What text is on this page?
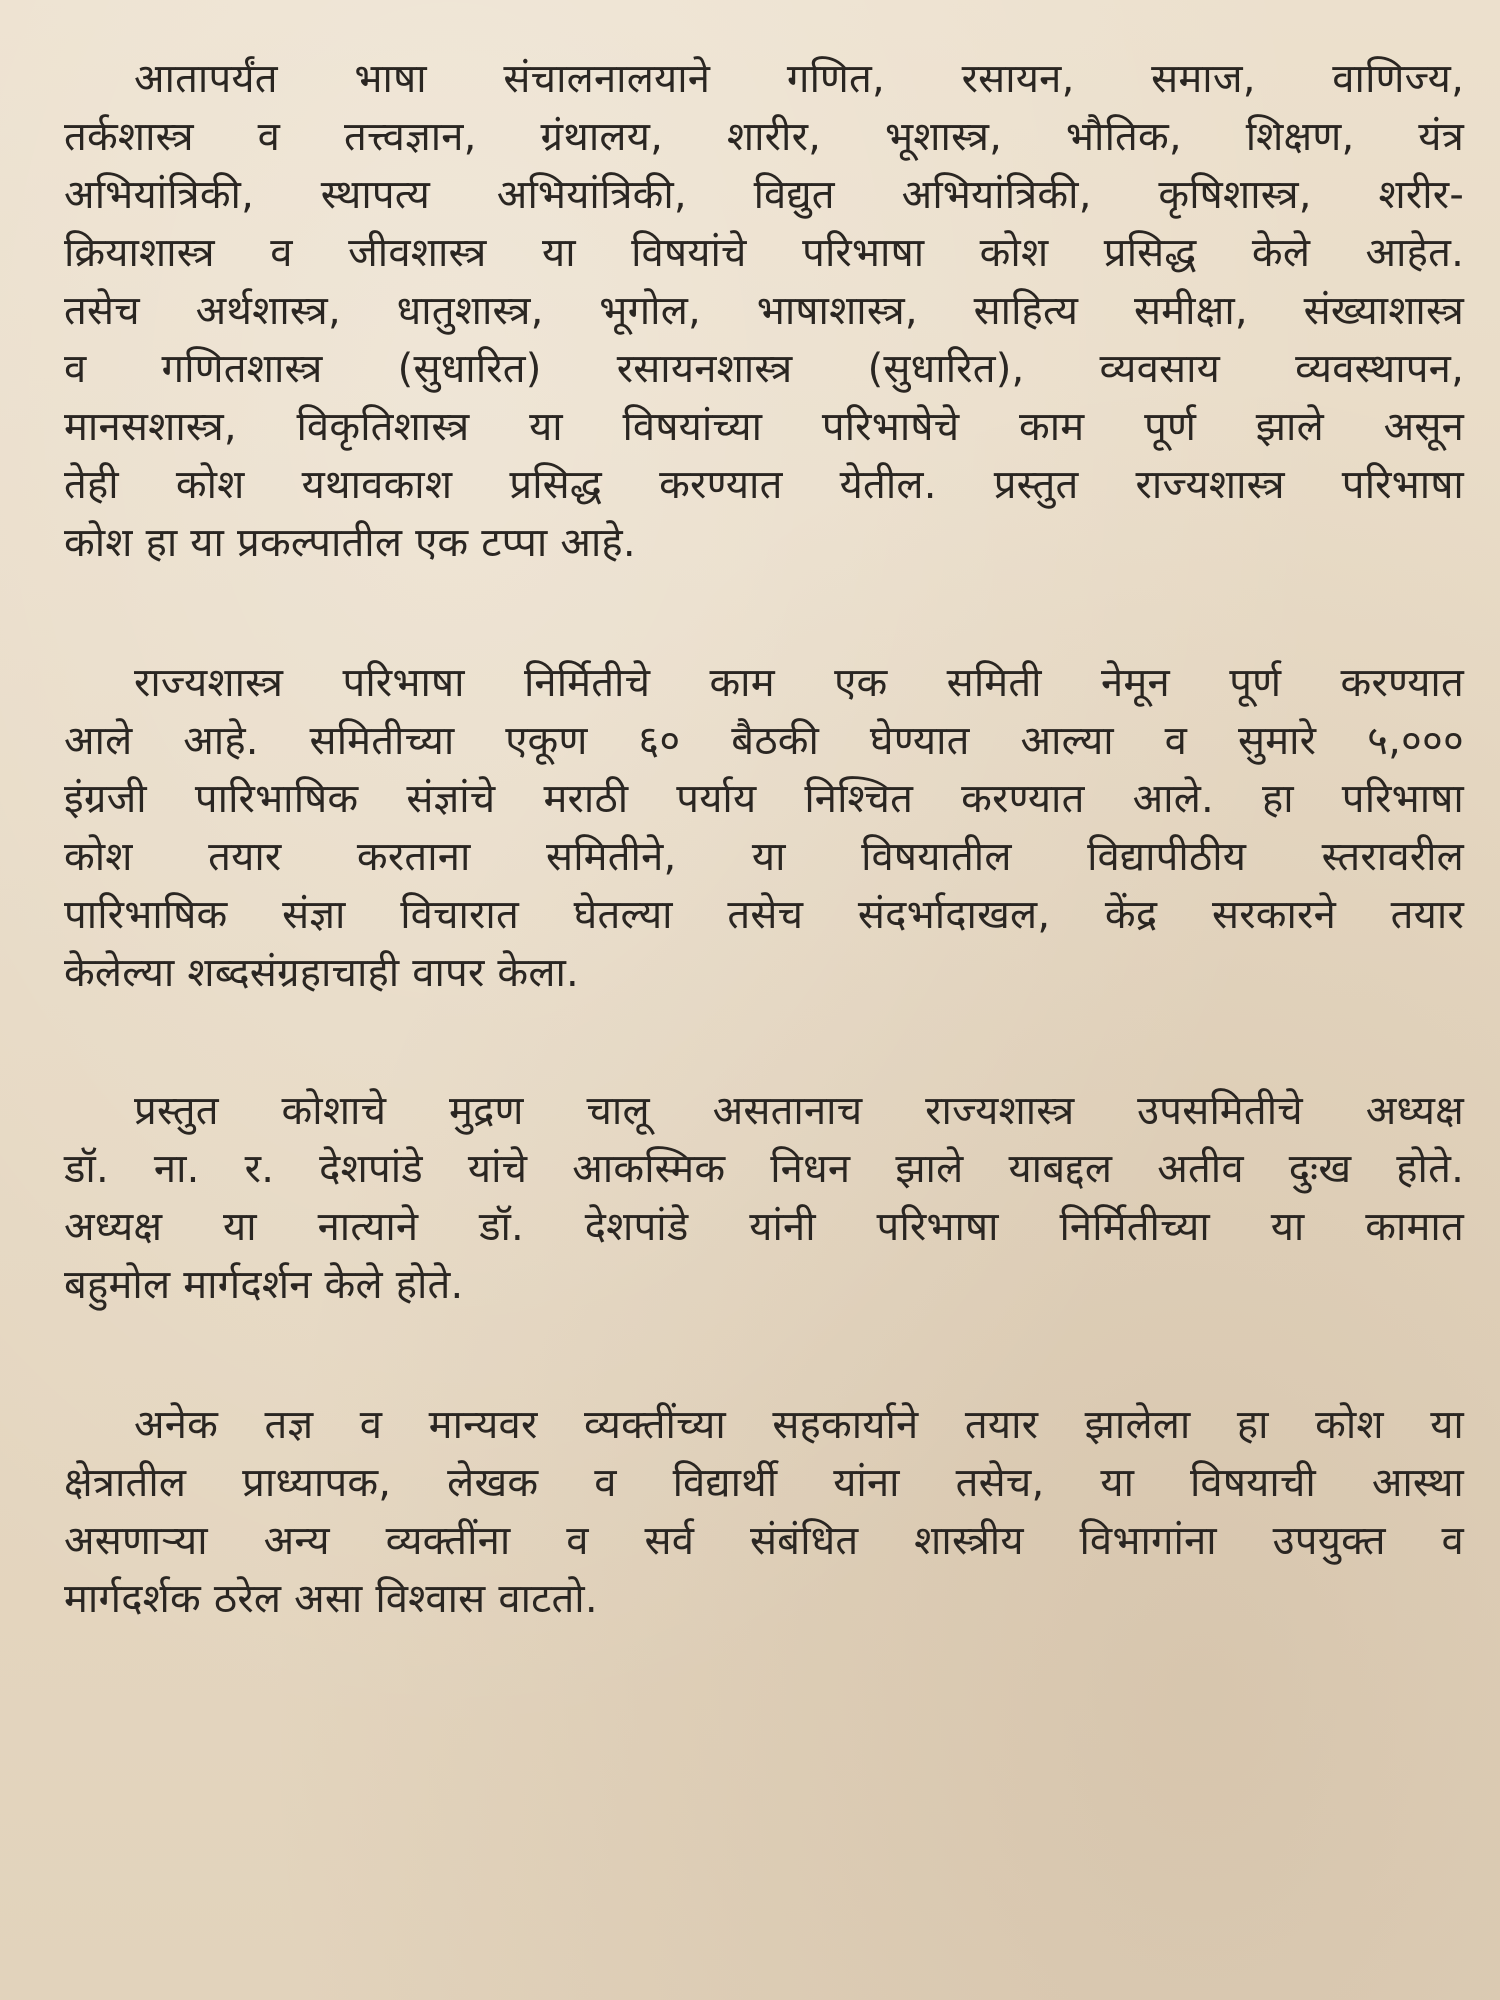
आतापर्यंत भाषा संचालनालयाने गणित, रसायन, समाज, वाणिज्य,
तर्कशास्त्र व तत्त्वज्ञान, ग्रंथालय, शारीर, भूशास्त्र, भौतिक, शिक्षण, यंत्र
अभियांत्रिकी, स्थापत्य अभियांत्रिकी, विद्युत अभियांत्रिकी, कृषिशास्त्र, शरीर-
क्रियाशास्त्र व जीवशास्त्र या विषयांचे परिभाषा कोश प्रसिद्ध केले आहेत.
तसेच अर्थशास्त्र, धातुशास्त्र, भूगोल, भाषाशास्त्र, साहित्य समीक्षा, संख्याशास्त्र
व गणितशास्त्र (सुधारित) रसायनशास्त्र (सुधारित), व्यवसाय व्यवस्थापन,
मानसशास्त्र, विकृतिशास्त्र या विषयांच्या परिभाषेचे काम पूर्ण झाले असून
तेही कोश यथावकाश प्रसिद्ध करण्यात येतील. प्रस्तुत राज्यशास्त्र परिभाषा
कोश हा या प्रकल्पातील एक टप्पा आहे.
राज्यशास्त्र परिभाषा निर्मितीचे काम एक समिती नेमून पूर्ण करण्यात
आले आहे. समितीच्या एकूण ६० बैठकी घेण्यात आल्या व सुमारे ५,०००
इंग्रजी पारिभाषिक संज्ञांचे मराठी पर्याय निश्चित करण्यात आले. हा परिभाषा
कोश तयार करताना समितीने, या विषयातील विद्यापीठीय स्तरावरील
पारिभाषिक संज्ञा विचारात घेतल्या तसेच संदर्भादाखल, केंद्र सरकारने तयार
केलेल्या शब्दसंग्रहाचाही वापर केला.
प्रस्तुत कोशाचे मुद्रण चालू असतानाच राज्यशास्त्र उपसमितीचे अध्यक्ष
डॉ. ना. र. देशपांडे यांचे आकस्मिक निधन झाले याबद्दल अतीव दुःख होते.
अध्यक्ष या नात्याने डॉ. देशपांडे यांनी परिभाषा निर्मितीच्या या कामात
बहुमोल मार्गदर्शन केले होते.
अनेक तज्ञ व मान्यवर व्यक्तींच्या सहकार्याने तयार झालेला हा कोश या
क्षेत्रातील प्राध्यापक, लेखक व विद्यार्थी यांना तसेच, या विषयाची आस्था
असणाऱ्या अन्य व्यक्तींना व सर्व संबंधित शास्त्रीय विभागांना उपयुक्त व
मार्गदर्शक ठरेल असा विश्वास वाटतो.
